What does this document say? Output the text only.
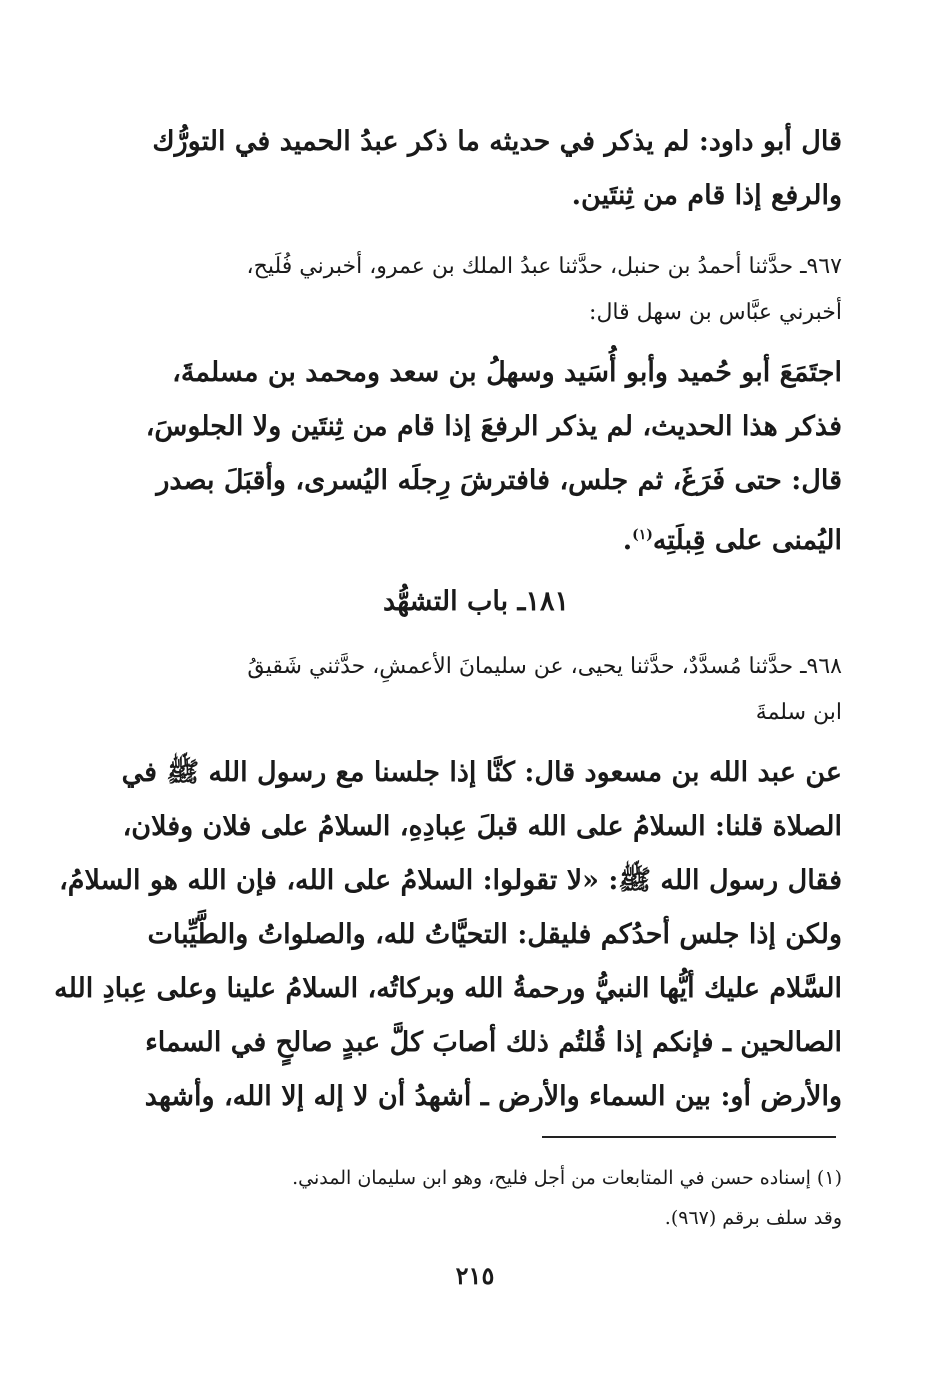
قال أبو داود: لم يذكر في حديثه ما ذكر عبدُ الحميد في التورُّك
والرفع إذا قام من ثِنتَين.
٩٦٧ـ حدَّثنا أحمدُ بن حنبل، حدَّثنا عبدُ الملك بن عمرو، أخبرني فُلَيح،
أخبرني عبَّاس بن سهل قال:
اجتَمَعَ أبو حُميد وأبو أُسَيد وسهلُ بن سعد ومحمد بن مسلمةَ،
فذكر هذا الحديث، لم يذكر الرفعَ إذا قام من ثِنتَين ولا الجلوسَ،
قال: حتى فَرَغَ، ثم جلس، فافترشَ رِجلَه اليُسرى، وأقبَلَ بصدر
اليُمنى على قِبلَتِه$^{(١)}$.
١٨١ـ باب التشهُّد
٩٦٨ـ حدَّثنا مُسدَّدٌ، حدَّثنا يحيى، عن سليمانَ الأعمشِ، حدَّثني شَقيقُ
ابن سلمةَ
عن عبد الله بن مسعود قال: كنَّا إذا جلسنا مع رسول الله ﷺ في
الصلاة قلنا: السلامُ على الله قبلَ عِبادِهِ، السلامُ على فلان وفلان،
فقال رسول الله ﷺ: «لا تقولوا: السلامُ على الله، فإن الله هو السلامُ،
ولكن إذا جلس أحدُكم فليقل: التحيَّاتُ لله، والصلواتُ والطَّيِّبات
السَّلام عليك أيُّها النبيُّ ورحمةُ الله وبركاتُه، السلامُ علينا وعلى عِبادِ الله
الصالحين ـ فإنكم إذا قُلتُم ذلك أصابَ كلَّ عبدٍ صالحٍ في السماء
والأرض أو: بين السماء والأرض ـ أشهدُ أن لا إله إلا الله، وأشهد
(١) إسناده حسن في المتابعات من أجل فليح، وهو ابن سليمان المدني.
وقد سلف برقم (٩٦٧).
٢١٥
